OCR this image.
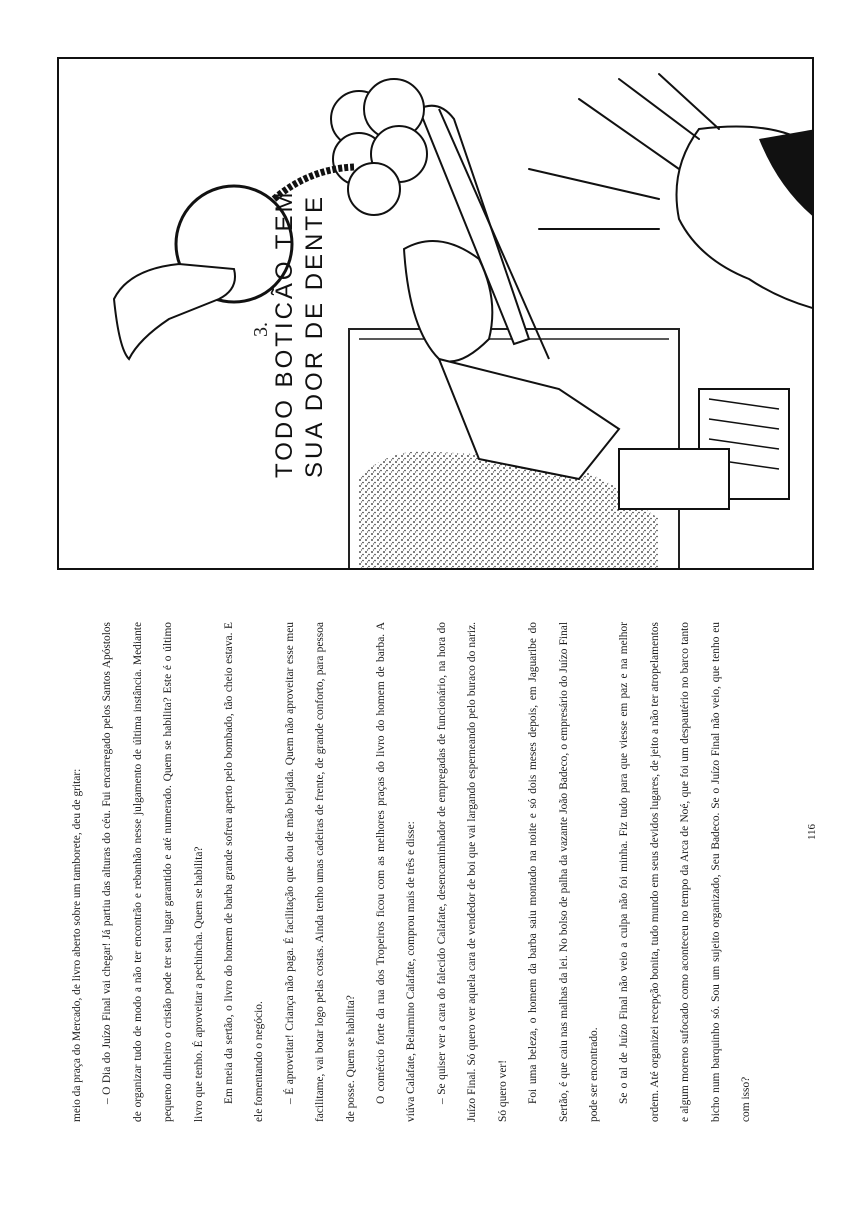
3. TODO BOTICÃO TEM SUA DOR DE DENTE

meio da praça do Mercado, de livro aberto sobre um tamborete, deu de gritar:	– O Dia do Juízo Final vai chegar! Já partiu das alturas do céu. Fui encarregado pelos Santos Apóstolos de organizar tudo de modo a não ter encontrão e rebanhão nesse julgamento de última instância. Mediante pequeno dinheiro o cristão pode ter seu lugar garantido e até numerado. Quem se habilita? Este é o último livro que tenho. É aproveitar a pechincha. Quem se habilita?	Em meia da sertão, o livro do homem de barba grande sofreu aperto pelo bombado, tão cheio estava. E ele fomentando o negócio.	– É aproveitar! Criança não paga. É facilitação que dou de mão beijada. Quem não aproveitar esse meu facilitame, vai botar logo pelas costas. Ainda tenho umas cadeiras de frente, de grande conforto, para pessoa de posse. Quem se habilita?	O comércio forte da rua dos Tropeiros ficou com as melhores praças do livro do homem de barba. A viúva Calafate, Belarmino Calafate, comprou mais de três e disse:	– Se quiser ver a cara do falecido Calafate, desencaminhador de empregadas de funcionário, na hora do Juízo Final. Só quero ver aquela cara de vendedor de boi que vai largando esperneando pelo buraco do nariz. Só quero ver!	Foi uma beleza, o homem da barba saiu montado na noite e só dois meses depois, em Jaguaribe do Sertão, é que caiu nas malhas da lei. No bolso de palha da vazante João Badeco, o empresário do Juízo Final pode ser encontrado.	Se o tal de Juízo Final não veio a culpa não foi minha. Fiz tudo para que viesse em paz e na melhor ordem. Até organizei recepção bonita, tudo mundo em seus devidos lugares, de jeito a não ter atropelamentos e algum moreno sufocado como aconteceu no tempo da Arca de Noé, que foi um despautério no barco tanto bicho num barquinho só. Sou um sujeito organizado, Seu Badeco. Se o Juízo Final não veio, que tenho eu com isso?

116
